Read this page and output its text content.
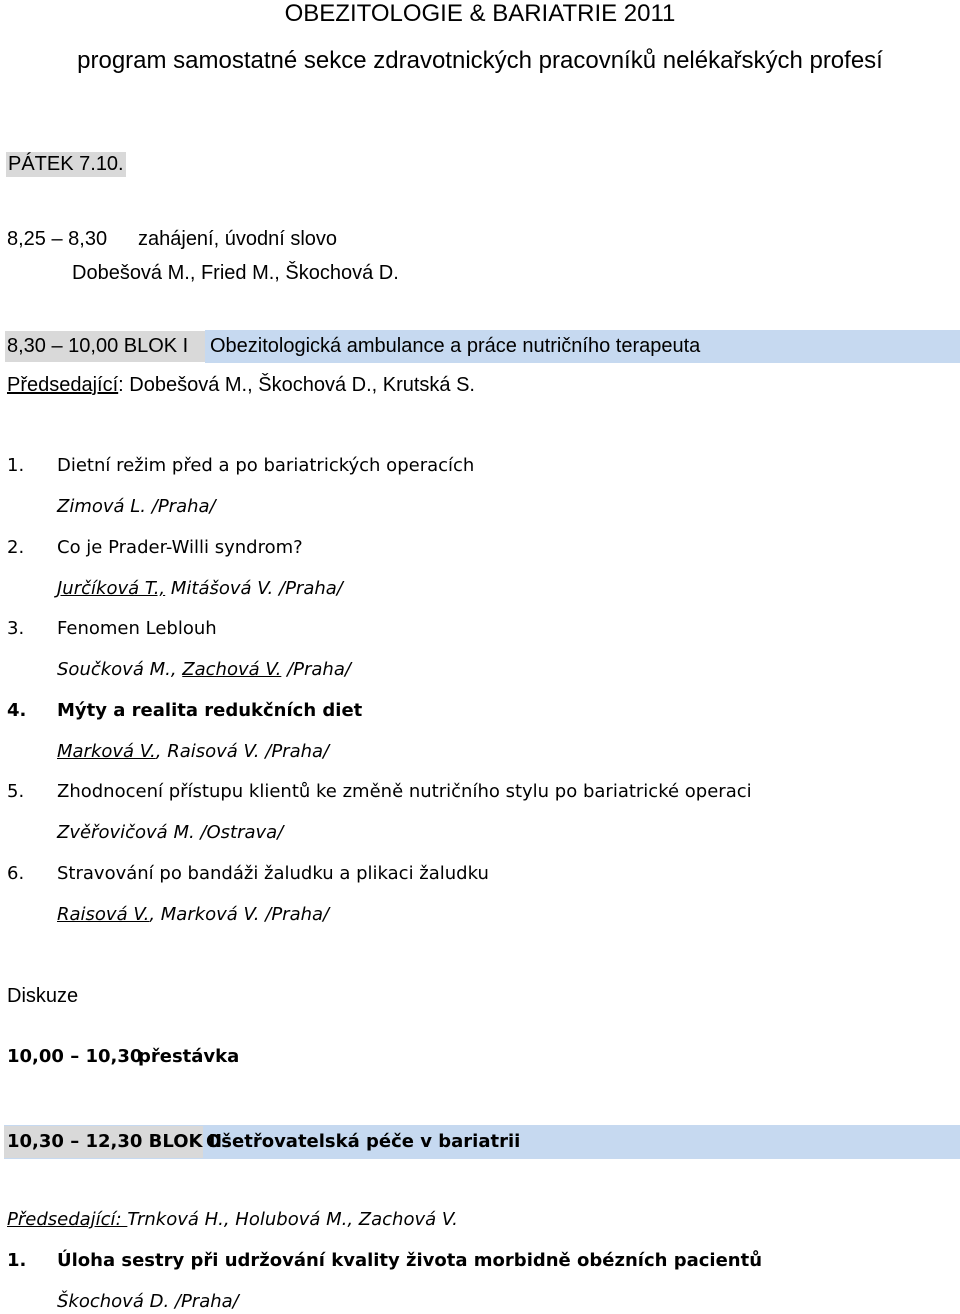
OBEZITOLOGIE & BARIATRIE 2011
program samostatné sekce zdravotnických pracovníků nelékařských profesí
PÁTEK 7.10.
8,25 – 8,30 zahájení, úvodní slovo
Dobešová M., Fried M., Škochová D.
8,30 – 10,00 BLOK I	Obezitologická ambulance a práce nutričního terapeuta
Předsedající: Dobešová M., Škochová D., Krutská S.
1. Dietní režim před a po bariatrických operacích
Zimová L. /Praha/
2. Co je Prader-Willi syndrom?
Jurčíková T., Mitášová V. /Praha/
3. Fenomen Leblouh
Součková M., Zachová V. /Praha/
4. Mýty a realita redukčních diet
Marková V., Raisová V. /Praha/
5. Zhodnocení přístupu klientů ke změně nutričního stylu po bariatrické operaci
Zvěřovičová M. /Ostrava/
6. Stravování po bandáži žaludku a plikaci žaludku
Raisová V., Marková V. /Praha/
Diskuze
10,00 – 10,30
přestávka
10,30 – 12,30 BLOK II
Ošetřovatelská péče v bariatrii
Předsedající: Trnková H., Holubová M., Zachová V.
1. Úloha sestry při udržování kvality života morbidně obézních pacientů
Škochová D. /Praha/
